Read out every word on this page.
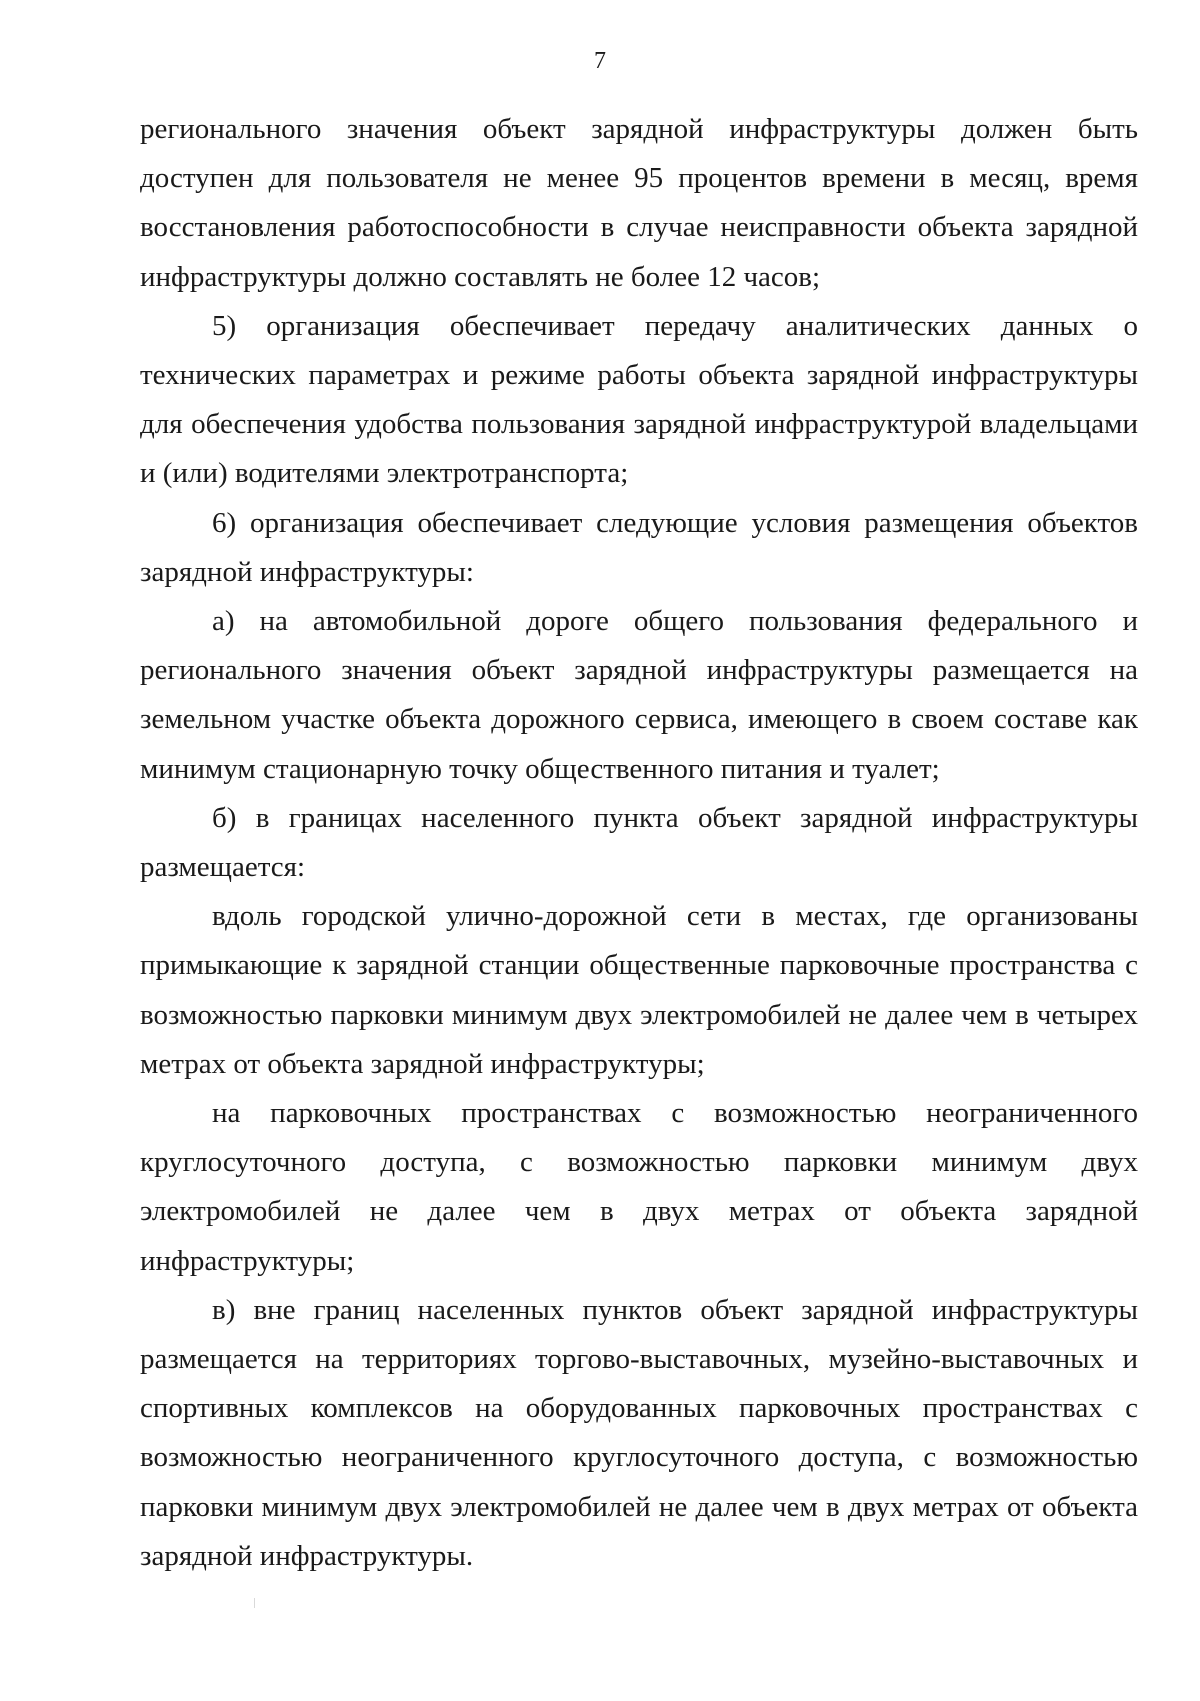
7

регионального значения объект зарядной инфраструктуры должен быть доступен для пользователя не менее 95 процентов времени в месяц, время восстановления работоспособности в случае неисправности объекта зарядной инфраструктуры должно составлять не более 12 часов;

5) организация обеспечивает передачу аналитических данных о технических параметрах и режиме работы объекта зарядной инфраструктуры для обеспечения удобства пользования зарядной инфраструктурой владельцами и (или) водителями электротранспорта;

6) организация обеспечивает следующие условия размещения объектов зарядной инфраструктуры:

а) на автомобильной дороге общего пользования федерального и регионального значения объект зарядной инфраструктуры размещается на земельном участке объекта дорожного сервиса, имеющего в своем составе как минимум стационарную точку общественного питания и туалет;

б) в границах населенного пункта объект зарядной инфраструктуры размещается:

вдоль городской улично-дорожной сети в местах, где организованы примыкающие к зарядной станции общественные парковочные пространства с возможностью парковки минимум двух электромобилей не далее чем в четырех метрах от объекта зарядной инфраструктуры;

на парковочных пространствах с возможностью неограниченного круглосуточного доступа, с возможностью парковки минимум двух электромобилей не далее чем в двух метрах от объекта зарядной инфраструктуры;

в) вне границ населенных пунктов объект зарядной инфраструктуры размещается на территориях торгово-выставочных, музейно-выставочных и спортивных комплексов на оборудованных парковочных пространствах с возможностью неограниченного круглосуточного доступа, с возможностью парковки минимум двух электромобилей не далее чем в двух метрах от объекта зарядной инфраструктуры.
